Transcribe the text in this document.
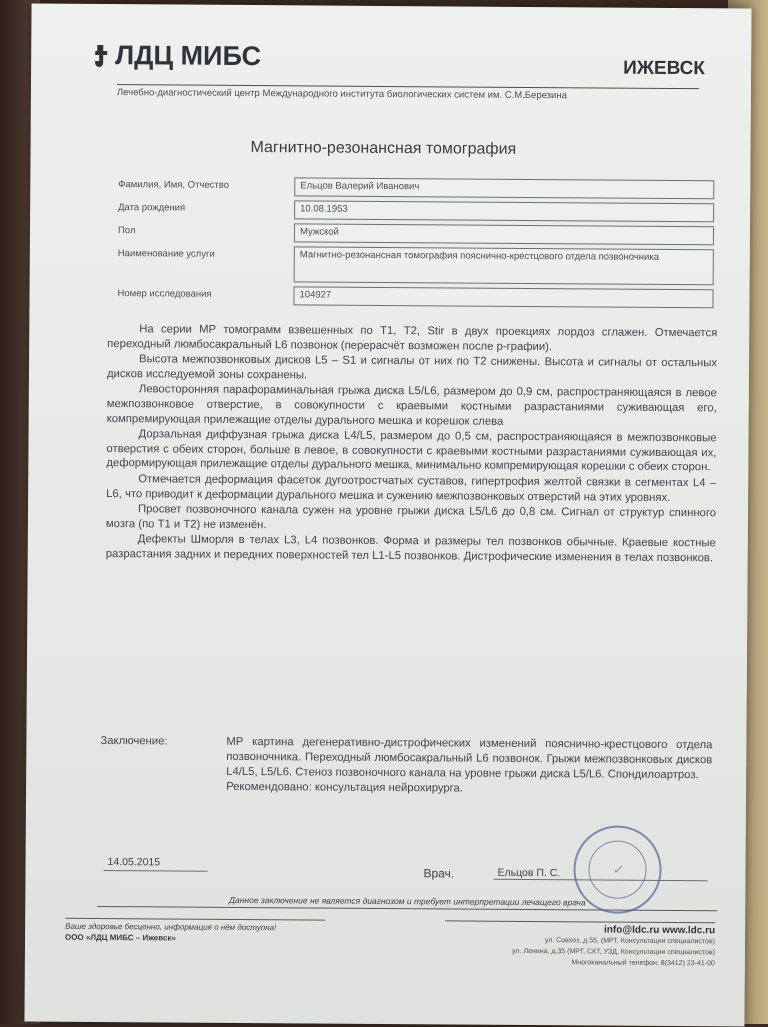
ЛДЦ МИБС	ИЖЕВСК
Лечебно-диагностический центр Международного института биологических систем им. С.М.Березина
Магнитно-резонансная томография
Фамилия, Имя, Отчество	Ельцов Валерий Иванович
Дата рождения	10.08.1953
Пол	Мужской
Наименование услуги	Магнитно-резонансная томография пояснично-крестцового отдела позвоночника
Номер исследования	104927

На серии МР томограмм взвешенных по Т1, Т2, Stir в двух проекциях лордоз сглажен. Отмечается переходный люмбосакральный L6 позвонок (перерасчёт возможен после р-графии).

Высота межпозвонковых дисков L5 – S1 и сигналы от них по Т2 снижены. Высота и сигналы от остальных дисков исследуемой зоны сохранены.

Левосторонняя парафораминальная грыжа диска L5/L6, размером до 0,9 см, распространяющаяся в левое межпозвонковое отверстие, в совокупности с краевыми костными разрастаниями суживающая его, компремирующая прилежащие отделы дурального мешка и корешок слева

Дорзальная диффузная грыжа диска L4/L5, размером до 0,5 см, распространяющаяся в межпозвонковые отверстия с обеих сторон, больше в левое, в совокупности с краевыми костными разрастаниями суживающая их, деформирующая прилежащие отделы дурального мешка, минимально компремирующая корешки с обеих сторон.

Отмечается деформация фасеток дугоотростчатых суставов, гипертрофия желтой связки в сегментах L4 – L6, что приводит к деформации дурального мешка и сужению межпозвонковых отверстий на этих уровнях.

Просвет позвоночного канала сужен на уровне грыжи диска L5/L6 до 0,8 см. Сигнал от структур спинного мозга (по Т1 и Т2) не изменён.

Дефекты Шморля в телах L3, L4 позвонков. Форма и размеры тел позвонков обычные. Краевые костные разрастания задних и передних поверхностей тел L1-L5 позвонков. Дистрофические изменения в телах позвонков.

Заключение:	МР картина дегенеративно-дистрофических изменений пояснично-крестцового отдела позвоночника. Переходный люмбосакральный L6 позвонок. Грыжи межпозвонковых дисков L4/L5, L5/L6. Стеноз позвоночного канала на уровне грыжи диска L5/L6. Спондилоартроз.
Рекомендовано: консультация нейрохирурга.
14.05.2015
✓
Врач.	Ельцов П. С.
Данное заключение не является диагнозом и требует интерпретации лечащего врача
Ваше здоровье бесценно, информация о нём доступна!
ООО «ЛДЦ МИБС – Ижевск»
info@ldc.ru www.ldc.ru
ул. Совхоз, д.55, (МРТ, Консультации специалистов)
ул. Ленина, д.35 (МРТ, СКТ, УЗД, Консультации специалистов)
Многоканальный телефон: 8(3412) 23-41-00
